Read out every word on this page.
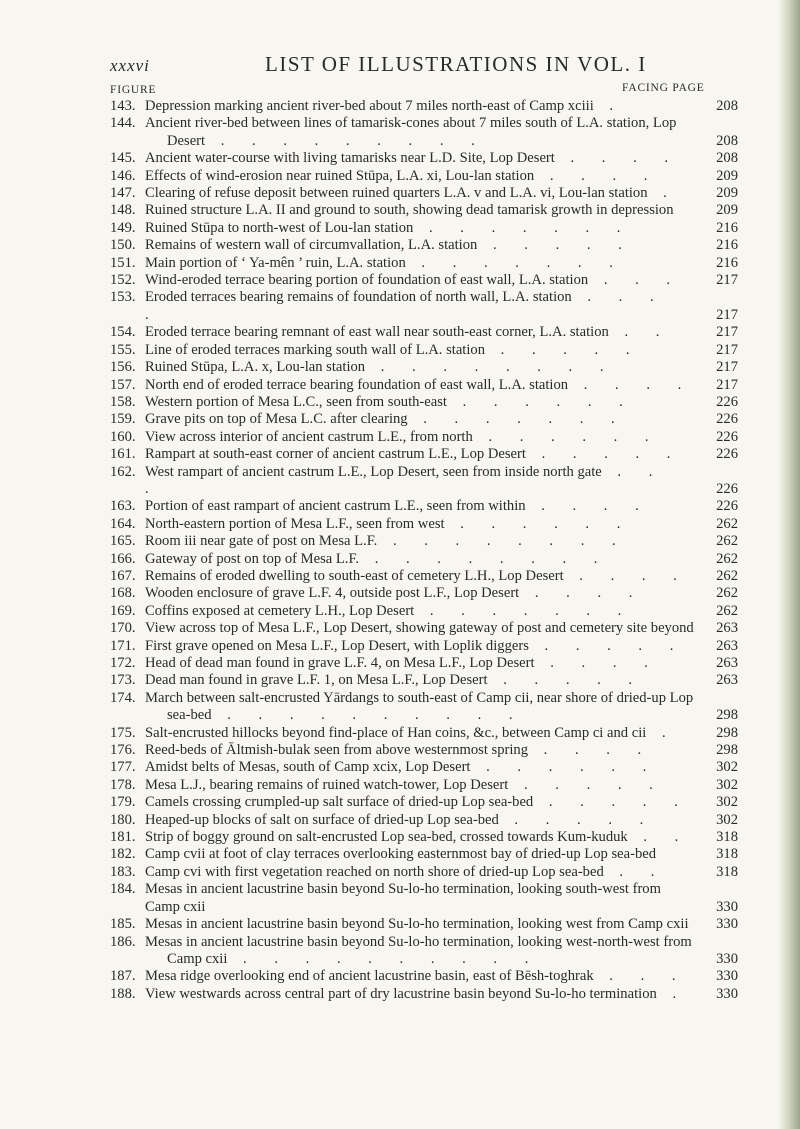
xxxvi	LIST OF ILLUSTRATIONS IN VOL. I
FIGURE	FACING PAGE
143. Depression marking ancient river-bed about 7 miles north-east of Camp xciii .	208
144. Ancient river-bed between lines of tamarisk-cones about 7 miles south of L.A. station, Lop
Desert . . . . . . . . .	208
145. Ancient water-course with living tamarisks near L.D. Site, Lop Desert . . . .	208
146. Effects of wind-erosion near ruined Stūpa, L.A. xi, Lou-lan station . . . .	209
147. Clearing of refuse deposit between ruined quarters L.A. v and L.A. vi, Lou-lan station .	209
148. Ruined structure L.A. II and ground to south, showing dead tamarisk growth in depression	209
149. Ruined Stūpa to north-west of Lou-lan station . . . . . . .	216
150. Remains of western wall of circumvallation, L.A. station . . . . .	216
151. Main portion of ‘ Ya-mên ’ ruin, L.A. station . . . . . . .	216
152. Wind-eroded terrace bearing portion of foundation of east wall, L.A. station . . .	217
153. Eroded terraces bearing remains of foundation of north wall, L.A. station . . . .	217
154. Eroded terrace bearing remnant of east wall near south-east corner, L.A. station . .	217
155. Line of eroded terraces marking south wall of L.A. station . . . . .	217
156. Ruined Stūpa, L.A. x, Lou-lan station . . . . . . . .	217
157. North end of eroded terrace bearing foundation of east wall, L.A. station . . . .	217
158. Western portion of Mesa L.C., seen from south-east . . . . . .	226
159. Grave pits on top of Mesa L.C. after clearing . . . . . . .	226
160. View across interior of ancient castrum L.E., from north . . . . . .	226
161. Rampart at south-east corner of ancient castrum L.E., Lop Desert . . . . .	226
162. West rampart of ancient castrum L.E., Lop Desert, seen from inside north gate . . .	226
163. Portion of east rampart of ancient castrum L.E., seen from within . . . .	226
164. North-eastern portion of Mesa L.F., seen from west . . . . . .	262
165. Room iii near gate of post on Mesa L.F. . . . . . . . .	262
166. Gateway of post on top of Mesa L.F. . . . . . . . .	262
167. Remains of eroded dwelling to south-east of cemetery L.H., Lop Desert . . . .	262
168. Wooden enclosure of grave L.F. 4, outside post L.F., Lop Desert . . . .	262
169. Coffins exposed at cemetery L.H., Lop Desert . . . . . . .	262
170. View across top of Mesa L.F., Lop Desert, showing gateway of post and cemetery site beyond	263
171. First grave opened on Mesa L.F., Lop Desert, with Loplik diggers . . . . .	263
172. Head of dead man found in grave L.F. 4, on Mesa L.F., Lop Desert . . . .	263
173. Dead man found in grave L.F. 1, on Mesa L.F., Lop Desert . . . . .	263
174. March between salt-encrusted Yārdangs to south-east of Camp cii, near shore of dried-up Lop
sea-bed . . . . . . . . . .	298
175. Salt-encrusted hillocks beyond find-place of Han coins, &c., between Camp ci and cii .	298
176. Reed-beds of Āltmish-bulak seen from above westernmost spring . . . .	298
177. Amidst belts of Mesas, south of Camp xcix, Lop Desert . . . . . .	302
178. Mesa L.J., bearing remains of ruined watch-tower, Lop Desert . . . . .	302
179. Camels crossing crumpled-up salt surface of dried-up Lop sea-bed . . . . .	302
180. Heaped-up blocks of salt on surface of dried-up Lop sea-bed . . . . .	302
181. Strip of boggy ground on salt-encrusted Lop sea-bed, crossed towards Kum-kuduk . .	318
182. Camp cvii at foot of clay terraces overlooking easternmost bay of dried-up Lop sea-bed	318
183. Camp cvi with first vegetation reached on north shore of dried-up Lop sea-bed . .	318
184. Mesas in ancient lacustrine basin beyond Su-lo-ho termination, looking south-west from Camp cxii	330
185. Mesas in ancient lacustrine basin beyond Su-lo-ho termination, looking west from Camp cxii	330
186. Mesas in ancient lacustrine basin beyond Su-lo-ho termination, looking west-north-west from
Camp cxii . . . . . . . . . .	330
187. Mesa ridge overlooking end of ancient lacustrine basin, east of Bēsh-toghrak . . .	330
188. View westwards across central part of dry lacustrine basin beyond Su-lo-ho termination .	330
